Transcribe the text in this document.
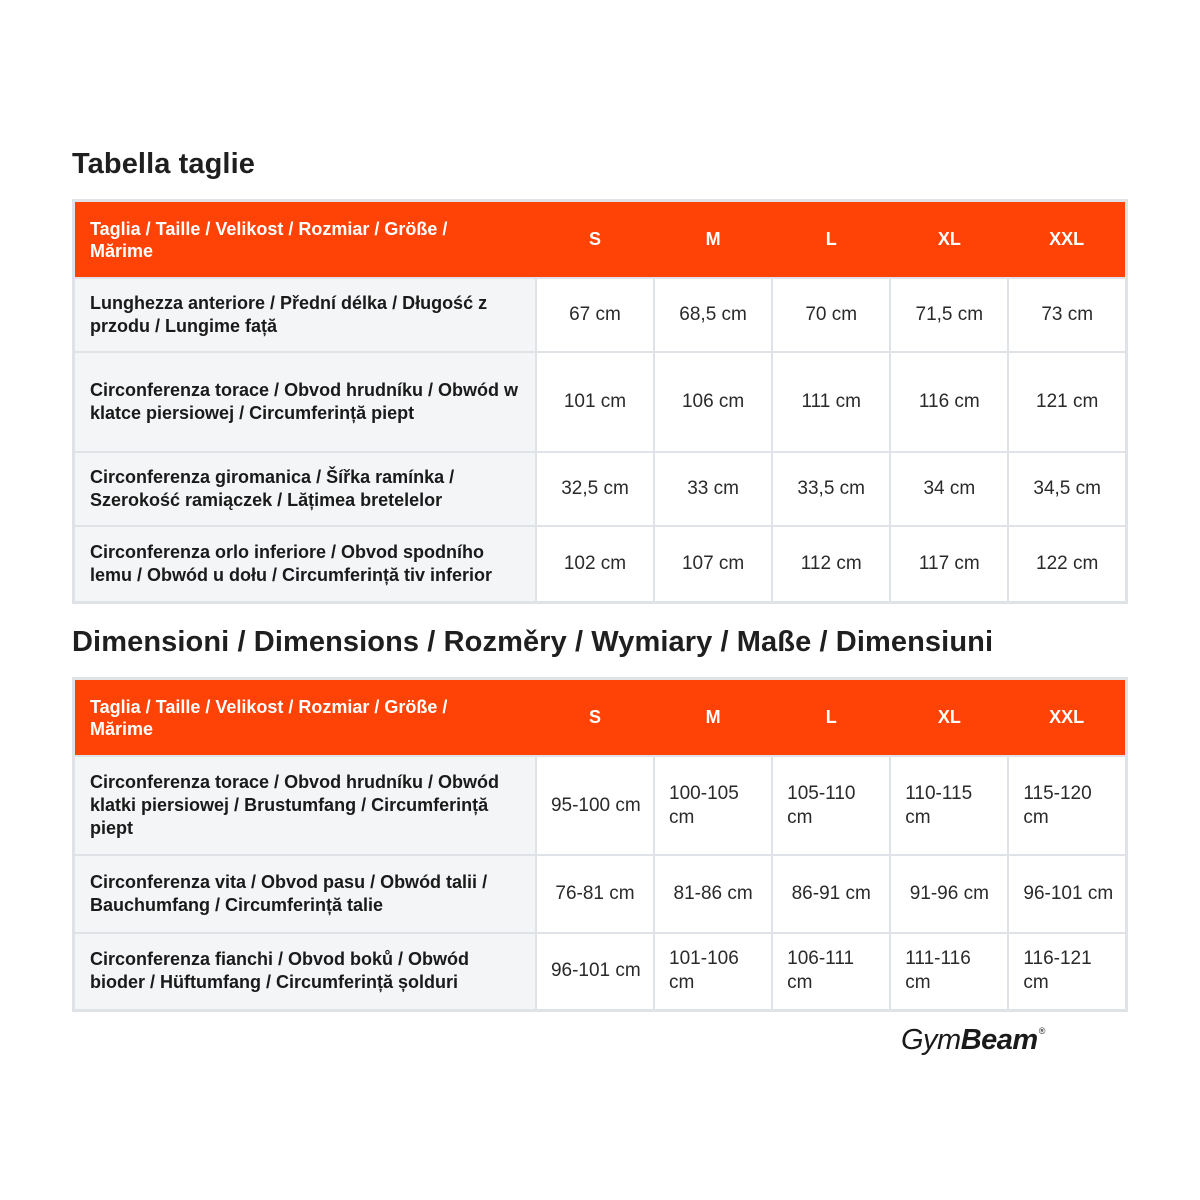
Tabella taglie
Taglia / Taille / Velikost / Rozmiar / Größe / Mărime	S	M	L	XL	XXL
Lunghezza anteriore / Přední délka / Długość z przodu / Lungime față	67 cm	68,5 cm	70 cm	71,5 cm	73 cm
Circonferenza torace / Obvod hrudníku / Obwód w klatce piersiowej / Circumferință piept	101 cm	106 cm	111 cm	116 cm	121 cm
Circonferenza giromanica / Šířka ramínka / Szerokość ramiączek / Lățimea bretelelor	32,5 cm	33 cm	33,5 cm	34 cm	34,5 cm
Circonferenza orlo inferiore / Obvod spodního lemu / Obwód u dołu / Circumferință tiv inferior	102 cm	107 cm	112 cm	117 cm	122 cm
Dimensioni / Dimensions / Rozměry / Wymiary / Maße / Dimensiuni
Taglia / Taille / Velikost / Rozmiar / Größe / Mărime	S	M	L	XL	XXL
Circonferenza torace / Obvod hrudníku / Obwód klatki piersiowej / Brustumfang / Circumferință piept	95-100 cm	100-105 cm	105-110 cm	110-115 cm	115-120 cm
Circonferenza vita / Obvod pasu / Obwód talii / Bauchumfang / Circumferință talie	76-81 cm	81-86 cm	86-91 cm	91-96 cm	96-101 cm
Circonferenza fianchi / Obvod boků / Obwód bioder / Hüftumfang / Circumferință șolduri	96-101 cm	101-106 cm	106-111 cm	111-116 cm	116-121 cm
GymBeam®
